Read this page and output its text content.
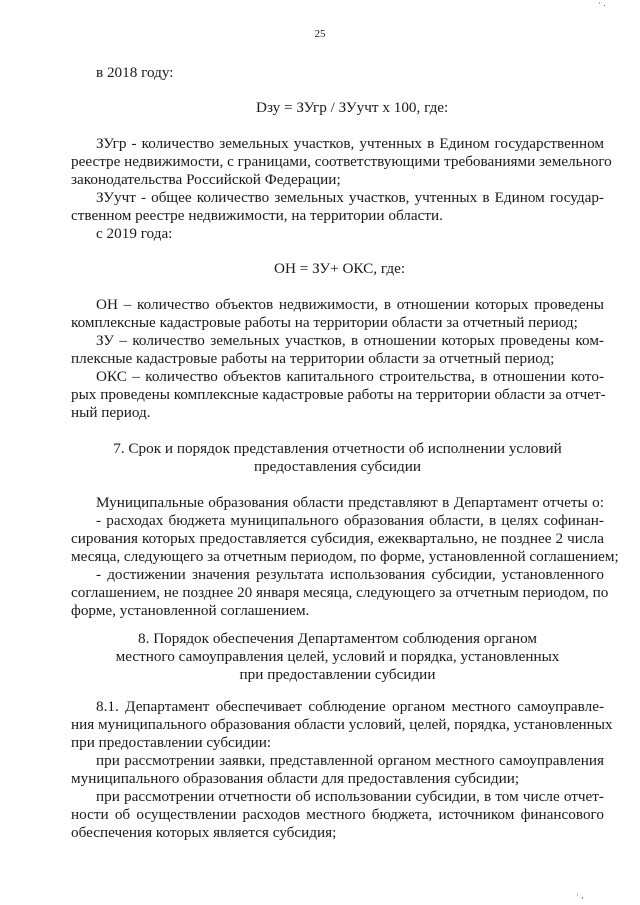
· .
25
в 2018 году:
Dзу = ЗУгр / ЗУучт х 100, где:
ЗУгр - количество земельных участков, учтенных в Едином государственном
реестре недвижимости, с границами, соответствующими требованиями земельного
законодательства Российской Федерации;
ЗУучт - общее количество земельных участков, учтенных в Едином государ-
ственном реестре недвижимости, на территории области.
с 2019 года:
ОН = ЗУ+ ОКС, где:
ОН – количество объектов недвижимости, в отношении которых проведены
комплексные кадастровые работы на территории области за отчетный период;
ЗУ – количество земельных участков, в отношении которых проведены ком-
плексные кадастровые работы на территории области за отчетный период;
ОКС – количество объектов капитального строительства, в отношении кото-
рых проведены комплексные кадастровые работы на территории области за отчет-
ный период.
7. Срок и порядок представления отчетности об исполнении условий
предоставления субсидии
Муниципальные образования области представляют в Департамент отчеты о:
- расходах бюджета муниципального образования области, в целях софинан-
сирования которых предоставляется субсидия, ежеквартально, не позднее 2 числа
месяца, следующего за отчетным периодом, по форме, установленной соглашением;
- достижении значения результата использования субсидии, установленного
соглашением, не позднее 20 января месяца, следующего за отчетным периодом, по
форме, установленной соглашением.
8. Порядок обеспечения Департаментом соблюдения органом
местного самоуправления целей, условий и порядка, установленных
при предоставлении субсидии
8.1. Департамент обеспечивает соблюдение органом местного самоуправле-
ния муниципального образования области условий, целей, порядка, установленных
при предоставлении субсидии:
при рассмотрении заявки, представленной органом местного самоуправления
муниципального образования области для предоставления субсидии;
при рассмотрении отчетности об использовании субсидии, в том числе отчет-
ности об осуществлении расходов местного бюджета, источником финансового
обеспечения которых является субсидия;
· ,
